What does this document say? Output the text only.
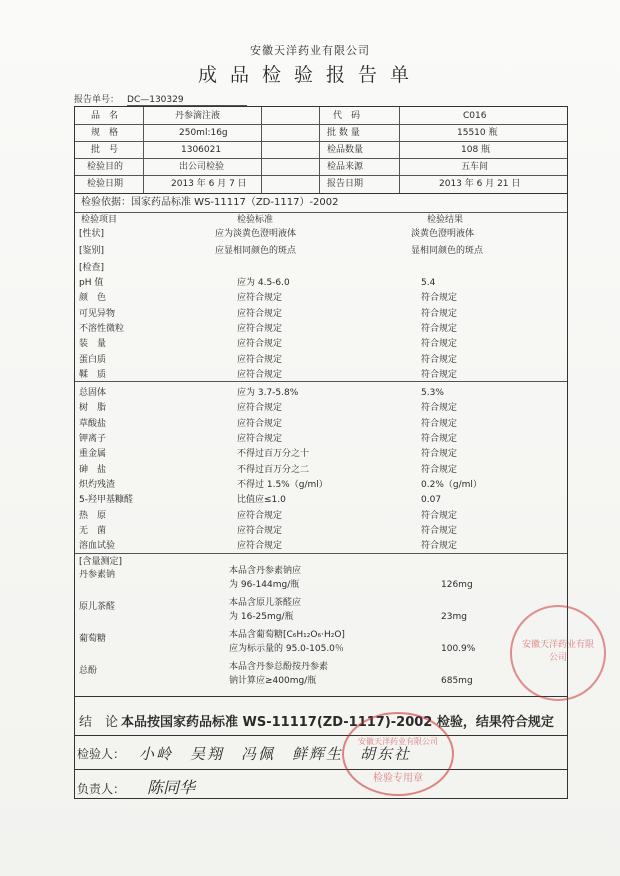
安徽天洋药业有限公司
成品检验报告单
报告单号： DC—130329
品　名	丹参滴注液	代　码	C016
规　格	250ml:16g	批 数 量	15510 瓶
批　号	1306021	检品数量	108 瓶
检验目的	出公司检验	检品来源	五车间
检验日期	2013 年 6 月 7 日	报告日期	2013 年 6 月 21 日
检验依据：国家药品标准 WS-11117（ZD-1117）-2002
检验项目	检验标准	检验结果
[性状]	应为淡黄色澄明液体	淡黄色澄明液体
[鉴别]	应显相同颜色的斑点	显相同颜色的斑点
[检查]
pH 值	应为 4.5-6.0	5.4
颜　色	应符合规定	符合规定
可见异物	应符合规定	符合规定
不溶性微粒	应符合规定	符合规定
装　量	应符合规定	符合规定
蛋白质	应符合规定	符合规定
鞣　质	应符合规定	符合规定
总固体	应为 3.7-5.8%	5.3%
树　脂	应符合规定	符合规定
草酸盐	应符合规定	符合规定
钾离子	应符合规定	符合规定
重金属	不得过百万分之十	符合规定
砷　盐	不得过百万分之二	符合规定
炽灼残渣	不得过 1.5%（g/ml）	0.2%（g/ml）
5-羟甲基糠醛	比值应≤1.0	0.07
热　原	应符合规定	符合规定
无　菌	应符合规定	符合规定
溶血试验	应符合规定	符合规定
[含量测定]
丹参素钠	本品含丹参素钠应
为 96-144mg/瓶	126mg
原儿茶醛	本品含原儿茶醛应
为 16-25mg/瓶	23mg
葡萄糖	本品含葡萄糖[C₆H₁₂O₆·H₂O]
应为标示量的 95.0-105.0％	100.9%
总酚	本品含丹参总酚按丹参素
钠计算应≥400mg/瓶	685mg
结　论 本品按国家药品标准 WS-11117(ZD-1117)-2002 检验，结果符合规定
检验人： 小岭　吴翔　冯佩　鲜辉生　胡东社
负责人： 陈同华
安徽天洋药业有限公司
检验专用章
安徽天洋药业有限公司
